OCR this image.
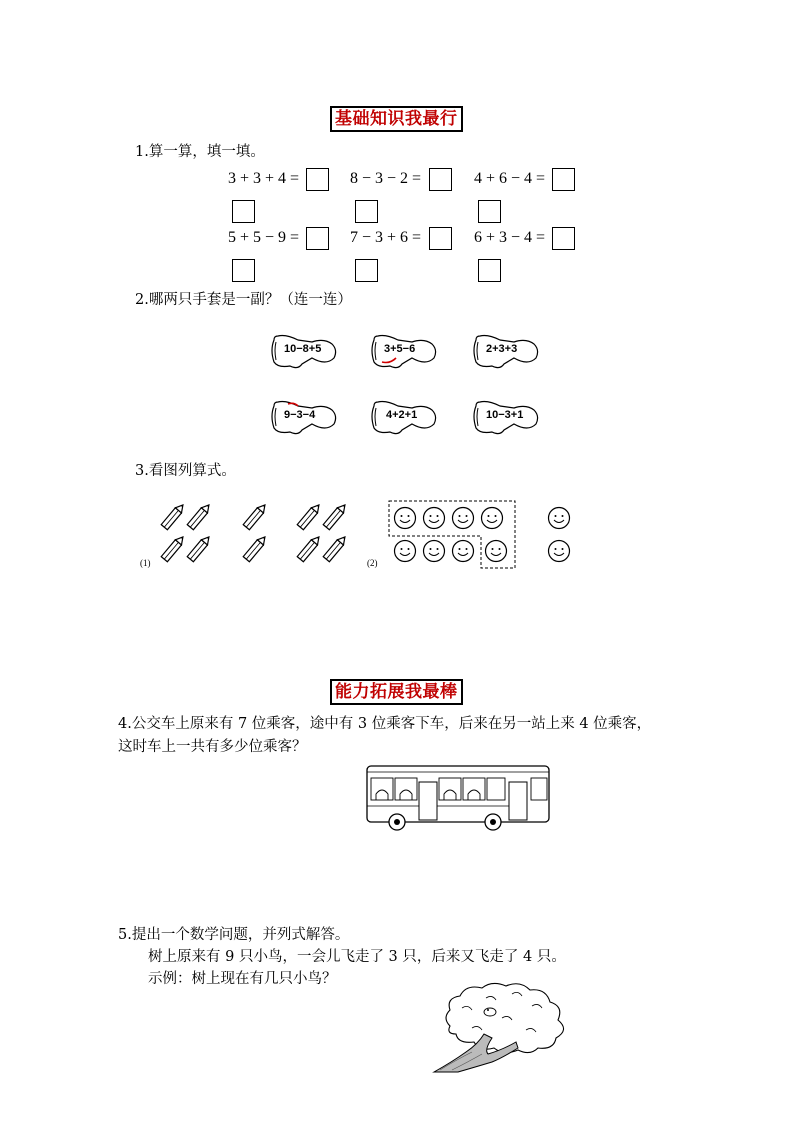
基础知识我最行
1.算一算，填一填。
3 + 3 + 4 =	8 − 3 − 2 =	4 + 6 − 4 =
5 + 5 − 9 =	7 − 3 + 6 =	6 + 3 − 4 =
2.哪两只手套是一副？（连一连）
10−8+5	3+5−6	2+3+3
9−3−4	4+2+1	10−3+1
3.看图列算式。
(1)	(2)
能力拓展我最棒
4.公交车上原来有 7 位乘客，途中有 3 位乘客下车，后来在另一站上来 4 位乘客，
这时车上一共有多少位乘客？
5.提出一个数学问题，并列式解答。
树上原来有 9 只小鸟，一会儿飞走了 3 只，后来又飞走了 4 只。
示例：树上现在有几只小鸟？
